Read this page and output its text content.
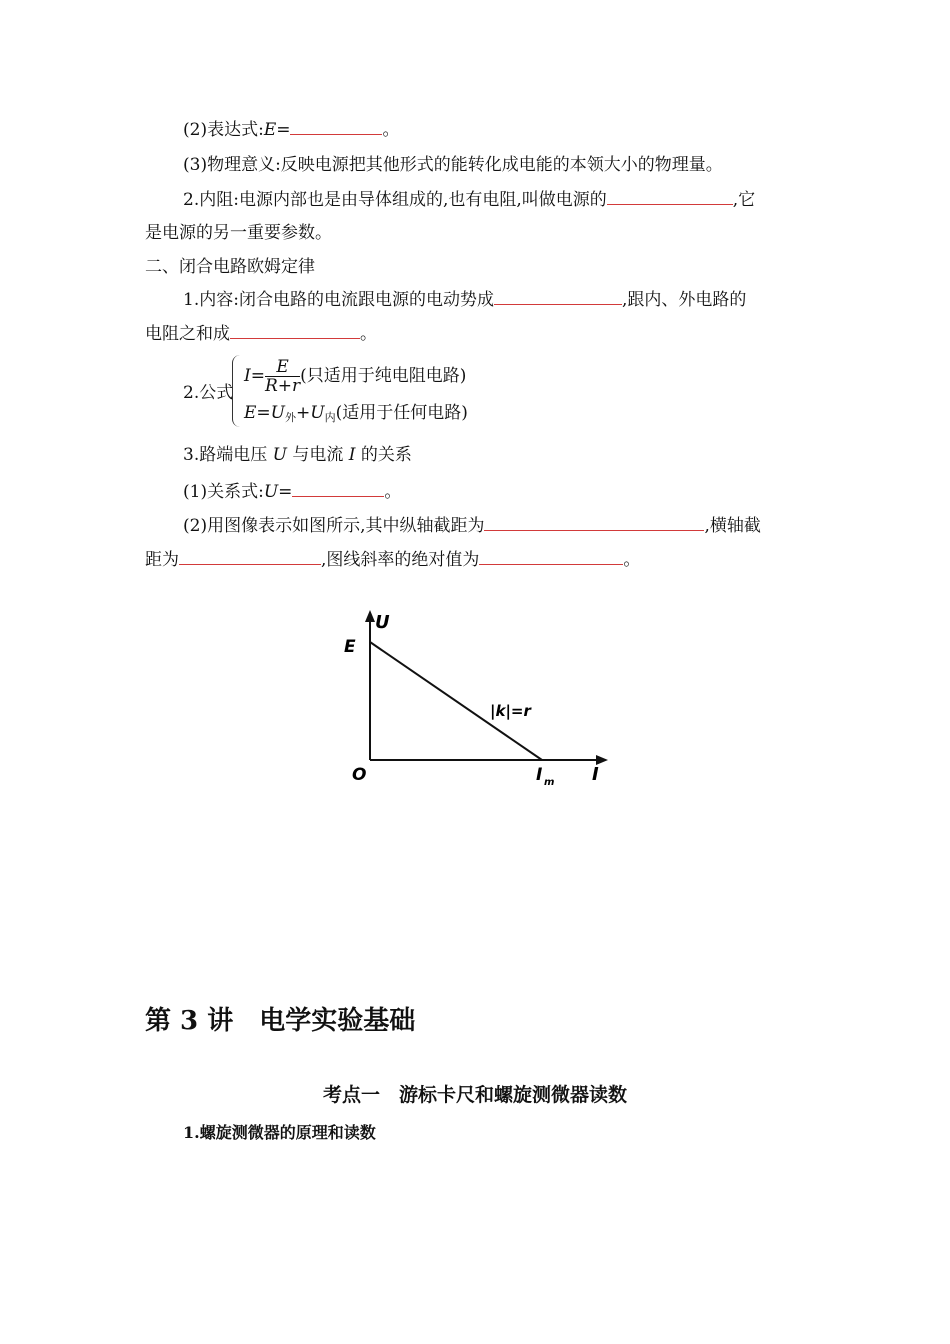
(2)表达式:E=	。
(3)物理意义:反映电源把其他形式的能转化成电能的本领大小的物理量。
2.内阻:电源内部也是由导体组成的,也有电阻,叫做电源的	,它
是电源的另一重要参数。
二、闭合电路欧姆定律
1.内容:闭合电路的电流跟电源的电动势成	,跟内、外电路的
电阻之和成	。
2.公式
$I= \frac{E}{R+r}$ (只适用于纯电阻电路)
$E=U_外+U_内$(适用于任何电路)
3.路端电压 U 与电流 I 的关系
(1)关系式:U=	。
(2)用图像表示如图所示,其中纵轴截距为	,横轴截
距为	,图线斜率的绝对值为	。
U
E
O	I m I
|k|=r
第 3 讲　电学实验基础
考点一　游标卡尺和螺旋测微器读数
1.螺旋测微器的原理和读数
